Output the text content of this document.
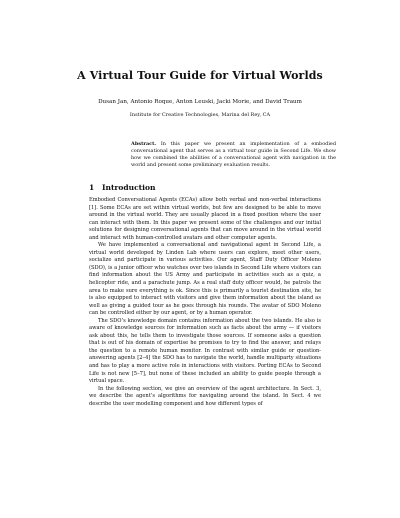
A Virtual Tour Guide for Virtual Worlds
Dusan Jan, Antonio Roque, Anton Leuski, Jacki Morie, and David Traum
Institute for Creative Technologies, Marina del Rey, CA
Abstract. In this paper we present an implementation of a embodied conversational agent that serves as a virtual tour guide in Second Life. We show how we combined the abilities of a conversational agent with navigation in the world and present some preliminary evaluation results.
1 Introduction

Embodied Conversational Agents (ECAs) allow both verbal and non-verbal interactions [1]. Some ECAs are set within virtual worlds, but few are designed to be able to move around in the virtual world. They are usually placed in a fixed position where the user can interact with them. In this paper we present some of the challenges and our initial solutions for designing conversational agents that can move around in the virtual world and interact with human-controlled avatars and other computer agents.

We have implemented a conversational and navigational agent in Second Life, a virtual world developed by Linden Lab where users can explore, meet other users, socialize and participate in various activities. Our agent, Staff Duty Officer Moleno (SDO), is a junior officer who watches over two islands in Second Life where visitors can find information about the US Army and participate in activities such as a quiz, a helicopter ride, and a parachute jump. As a real staff duty officer would, he patrols the area to make sure everything is ok. Since this is primarily a tourist destination site, he is also equipped to interact with visitors and give them information about the island as well as giving a guided tour as he goes through his rounds. The avatar of SDO Moleno can be controlled either by our agent, or by a human operator.

The SDO’s knowledge domain contains information about the two islands. He also is aware of knowledge sources for information such as facts about the army — if visitors ask about this, he tells them to investigate those sources. If someone asks a question that is out of his domain of expertise he promises to try to find the answer, and relays the question to a remote human monitor. In contrast with similar guide or question-answering agents [2–4] the SDO has to navigate the world, handle multiparty situations and has to play a more active role in interactions with visitors. Porting ECAs to Second Life is not new [5–7], but none of these included an ability to guide people through a virtual space.

In the following section, we give an overview of the agent architecture. In Sect. 3, we describe the agent’s algorithms for navigating around the island. In Sect. 4 we describe the user modelling component and how different types of
